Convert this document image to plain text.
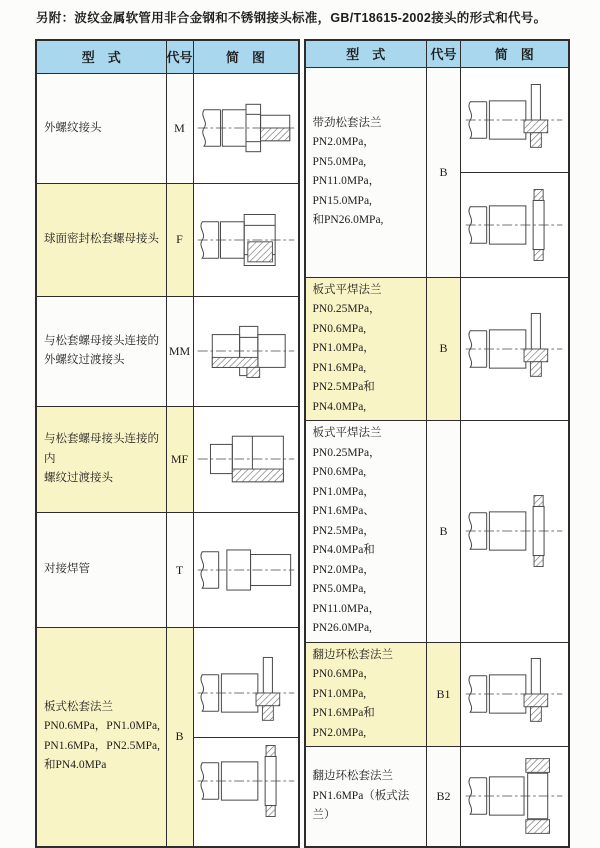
另附：波纹金属软管用非合金钢和不锈钢接头标准，GB/T18615-2002接头的形式和代号。

型　式	代号	简　图

外螺纹接头	M	

球面密封松套螺母接头	F	

与松套螺母接头连接的
外螺纹过渡接头	MM	

与松套螺母接头连接的内
螺纹过渡接头	MF	

对接焊管	T	

板式松套法兰
PN0.6MPa，PN1.0MPa,
PN1.6MPa，PN2.5MPa,
和PN4.0MPa	B	
型　式	代号	简　图

带劲松套法兰
PN2.0MPa，PN5.0MPa,
PN11.0MPa，PN15.0MPa,
和PN26.0MPa,	B	

板式平焊法兰
PN0.25MPa，PN0.6MPa,
PN1.0MPa，PN1.6MPa,
PN2.5MPa和PN4.0MPa,	B	

板式平焊法兰
PN0.25MPa，PN0.6MPa,
PN1.0MPa，PN1.6MPa、
PN2.5MPa，PN4.0MPa和
PN2.0MPa，PN5.0MPa,
PN11.0MPa，PN26.0MPa,
	B	

翻边环松套法兰
PN0.6MPa，PN1.0MPa,
PN1.6MPa和PN2.0MPa,	B1	

翻边环松套法兰
PN1.6MPa（板式法兰）	B2	
